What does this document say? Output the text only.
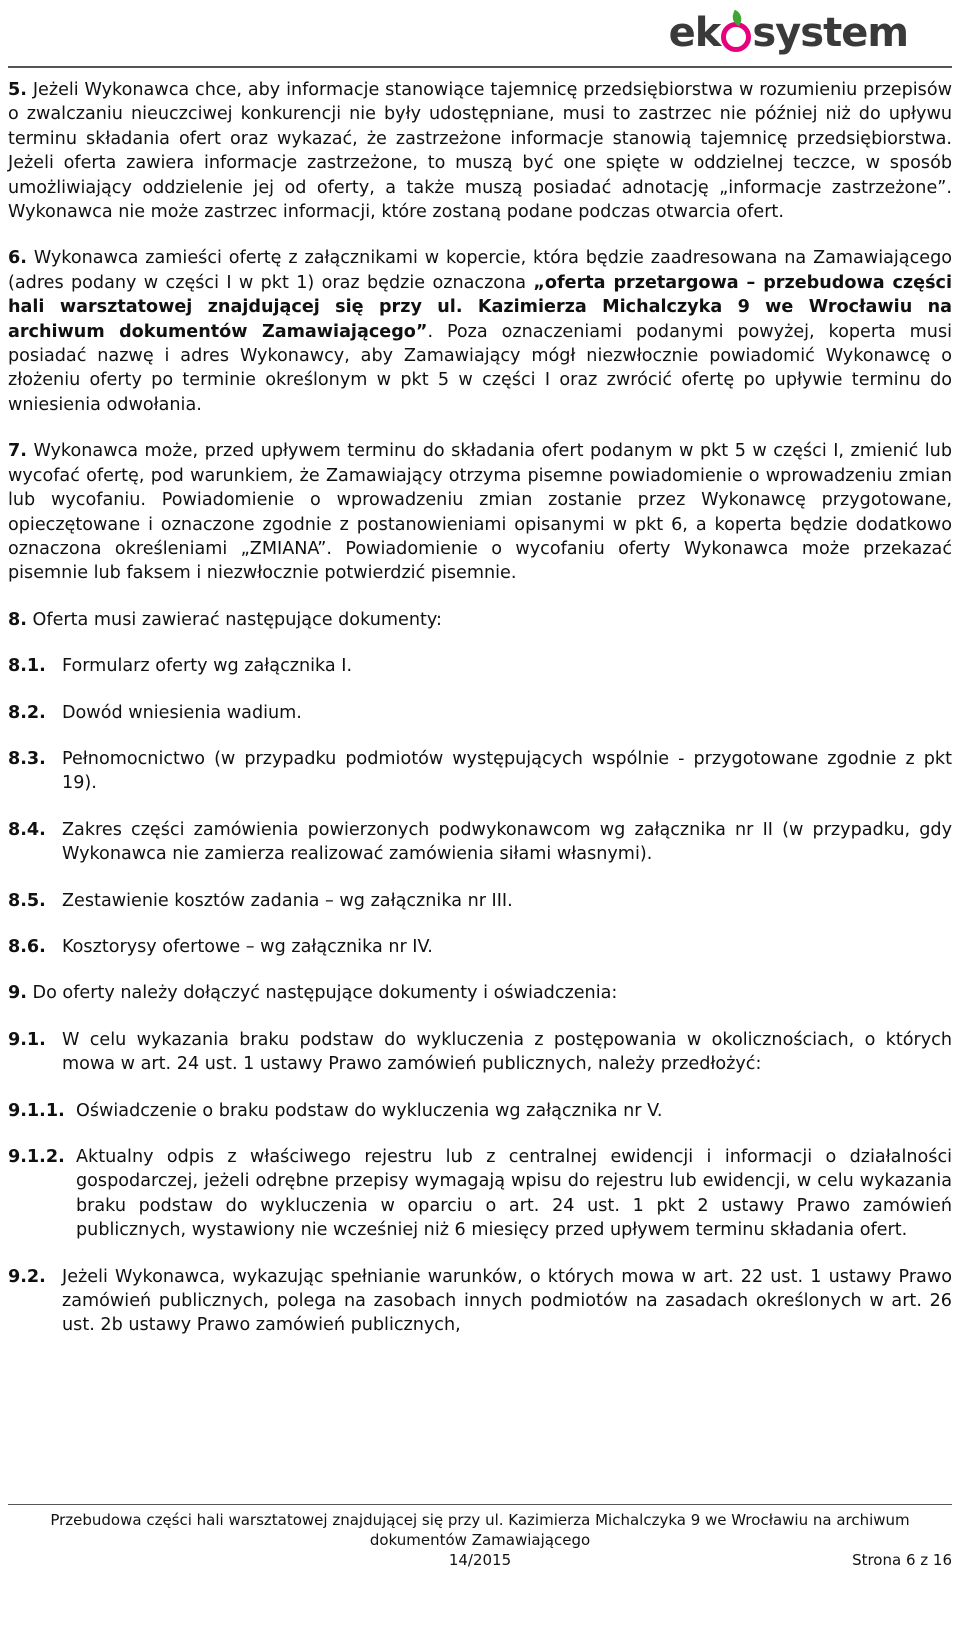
ek system

5. Jeżeli Wykonawca chce, aby informacje stanowiące tajemnicę przedsiębiorstwa w rozumieniu przepisów o zwalczaniu nieuczciwej konkurencji nie były udostępniane, musi to zastrzec nie później niż do upływu terminu składania ofert oraz wykazać, że zastrzeżone informacje stanowią tajemnicę przedsiębiorstwa. Jeżeli oferta zawiera informacje zastrzeżone, to muszą być one spięte w oddzielnej teczce, w sposób umożliwiający oddzielenie jej od oferty, a także muszą posiadać adnotację „informacje zastrzeżone”. Wykonawca nie może zastrzec informacji, które zostaną podane podczas otwarcia ofert.

6. Wykonawca zamieści ofertę z załącznikami w kopercie, która będzie zaadresowana na Zamawiającego (adres podany w części I w pkt 1) oraz będzie oznaczona „oferta przetargowa – przebudowa części hali warsztatowej znajdującej się przy ul. Kazimierza Michalczyka 9 we Wrocławiu na archiwum dokumentów Zamawiającego”. Poza oznaczeniami podanymi powyżej, koperta musi posiadać nazwę i adres Wykonawcy, aby Zamawiający mógł niezwłocznie powiadomić Wykonawcę o złożeniu oferty po terminie określonym w pkt 5 w części I oraz zwrócić ofertę po upływie terminu do wniesienia odwołania.

7. Wykonawca może, przed upływem terminu do składania ofert podanym w pkt 5 w części I, zmienić lub wycofać ofertę, pod warunkiem, że Zamawiający otrzyma pisemne powiadomienie o wprowadzeniu zmian lub wycofaniu. Powiadomienie o wprowadzeniu zmian zostanie przez Wykonawcę przygotowane, opieczętowane i oznaczone zgodnie z postanowieniami opisanymi w pkt 6, a koperta będzie dodatkowo oznaczona określeniami „ZMIANA”. Powiadomienie o wycofaniu oferty Wykonawca może przekazać pisemnie lub faksem i niezwłocznie potwierdzić pisemnie.

8. Oferta musi zawierać następujące dokumenty:

8.1. Formularz oferty wg załącznika I.
8.2. Dowód wniesienia wadium.
8.3. Pełnomocnictwo (w przypadku podmiotów występujących wspólnie - przygotowane zgodnie z pkt 19).
8.4. Zakres części zamówienia powierzonych podwykonawcom wg załącznika nr II (w przypadku, gdy Wykonawca nie zamierza realizować zamówienia siłami własnymi).
8.5. Zestawienie kosztów zadania – wg załącznika nr III.
8.6. Kosztorysy ofertowe – wg załącznika nr IV.

9. Do oferty należy dołączyć następujące dokumenty i oświadczenia:

9.1. W celu wykazania braku podstaw do wykluczenia z postępowania w okolicznościach, o których mowa w art. 24 ust. 1 ustawy Prawo zamówień publicznych, należy przedłożyć:
9.1.1. Oświadczenie o braku podstaw do wykluczenia wg załącznika nr V.
9.1.2. Aktualny odpis z właściwego rejestru lub z centralnej ewidencji i informacji o działalności gospodarczej, jeżeli odrębne przepisy wymagają wpisu do rejestru lub ewidencji, w celu wykazania braku podstaw do wykluczenia w oparciu o art. 24 ust. 1 pkt 2 ustawy Prawo zamówień publicznych, wystawiony nie wcześniej niż 6 miesięcy przed upływem terminu składania ofert.
9.2. Jeżeli Wykonawca, wykazując spełnianie warunków, o których mowa w art. 22 ust. 1 ustawy Prawo zamówień publicznych, polega na zasobach innych podmiotów na zasadach określonych w art. 26 ust. 2b ustawy Prawo zamówień publicznych,
Przebudowa części hali warsztatowej znajdującej się przy ul. Kazimierza Michalczyka 9 we Wrocławiu na archiwum
dokumentów Zamawiającego
14/2015	Strona 6 z 16
